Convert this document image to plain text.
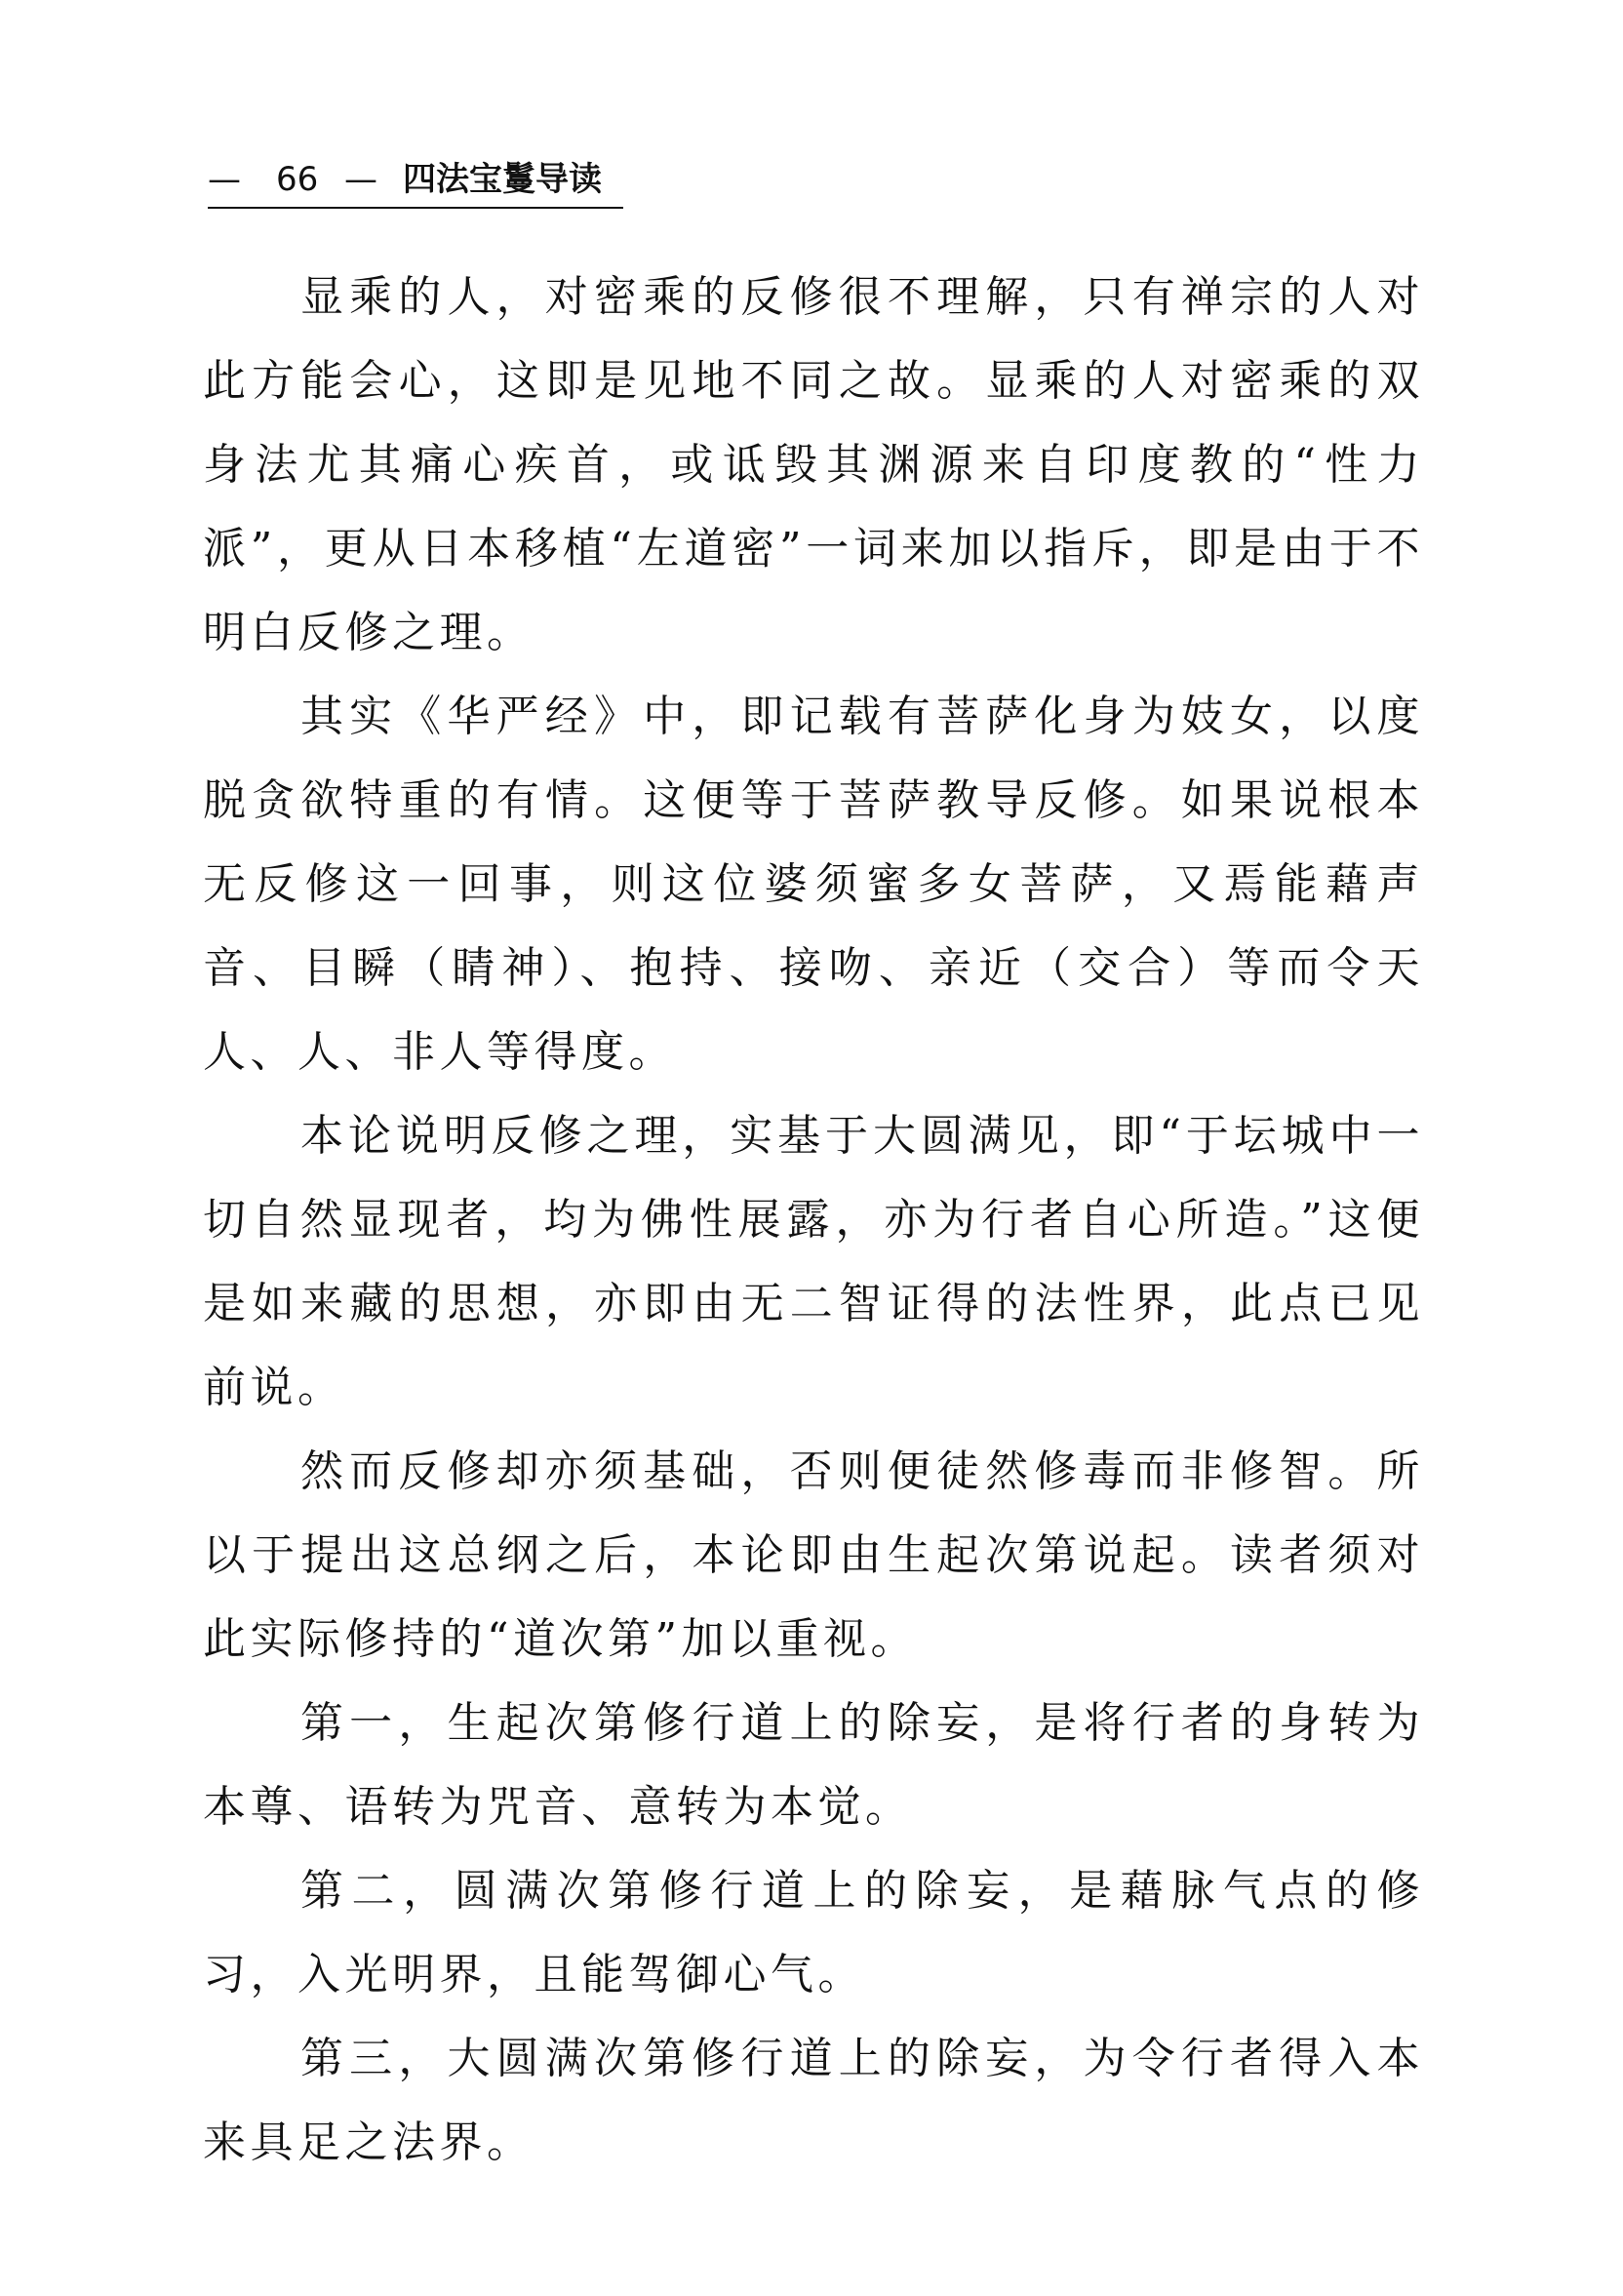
— 66 — 四法宝鬘导读

显乘的人，对密乘的反修很不理解，只有禅宗的人对此方能会心，这即是见地不同之故。显乘的人对密乘的双身法尤其痛心疾首，或诋毁其渊源来自印度教的“性力派”，更从日本移植“左道密”一词来加以指斥，即是由于不明白反修之理。

其实《华严经》中，即记载有菩萨化身为妓女，以度脱贪欲特重的有情。这便等于菩萨教导反修。如果说根本无反修这一回事，则这位婆须蜜多女菩萨，又焉能藉声音、目瞬（睛神）、抱持、接吻、亲近（交合）等而令天人、人、非人等得度。

本论说明反修之理，实基于大圆满见，即“于坛城中一切自然显现者，均为佛性展露，亦为行者自心所造。”这便是如来藏的思想，亦即由无二智证得的法性界，此点已见前说。

然而反修却亦须基础，否则便徒然修毒而非修智。所以于提出这总纲之后，本论即由生起次第说起。读者须对此实际修持的“道次第”加以重视。

第一，生起次第修行道上的除妄，是将行者的身转为本尊、语转为咒音、意转为本觉。

第二，圆满次第修行道上的除妄，是藉脉气点的修习，入光明界，且能驾御心气。

第三，大圆满次第修行道上的除妄，为令行者得入本来具足之法界。
